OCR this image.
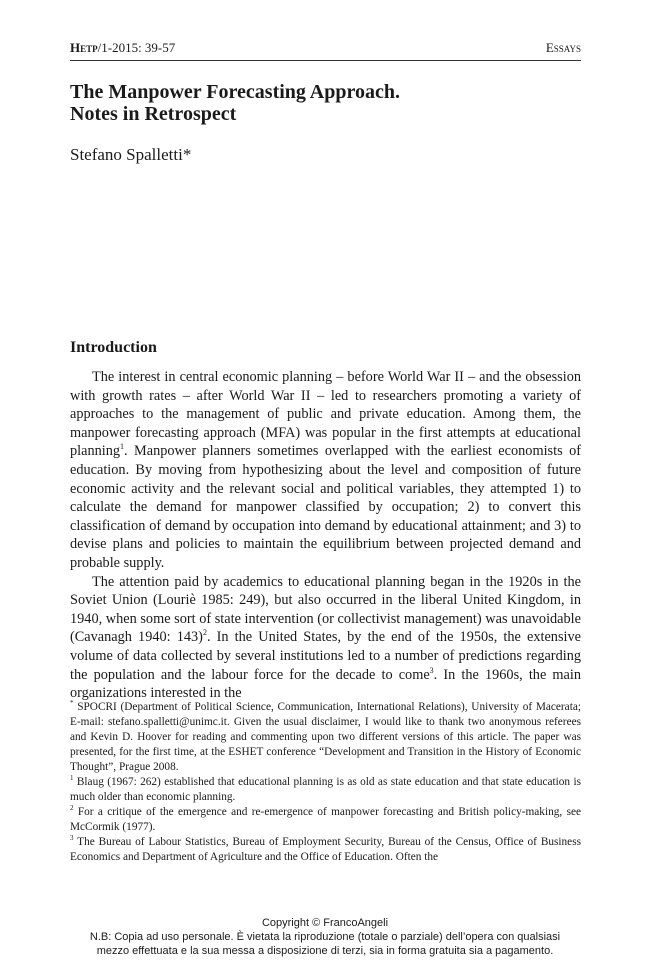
Hetp/1-2015: 39-57	Essays
The Manpower Forecasting Approach.
Notes in Retrospect
Stefano Spalletti*
Introduction

The interest in central economic planning – before World War II – and the obsession with growth rates – after World War II – led to researchers promoting a variety of approaches to the management of public and private education. Among them, the manpower forecasting approach (MFA) was popular in the first attempts at educational planning$^1$. Manpower planners sometimes overlapped with the earliest economists of education. By moving from hypothesizing about the level and composition of future economic activity and the relevant social and political variables, they attempted 1) to calculate the demand for manpower classified by occupation; 2) to convert this classification of demand by occupation into demand by educational attainment; and 3) to devise plans and policies to maintain the equilibrium between projected demand and probable supply.

The attention paid by academics to educational planning began in the 1920s in the Soviet Union (Louriè 1985: 249), but also occurred in the liberal United Kingdom, in 1940, when some sort of state intervention (or collectivist management) was unavoidable (Cavanagh 1940: 143)$^2$. In the United States, by the end of the 1950s, the extensive volume of data collected by several institutions led to a number of predictions regarding the population and the labour force for the decade to come$^3$. In the 1960s, the main organizations interested in the

* SPOCRI (Department of Political Science, Communication, International Relations), University of Macerata; E-mail: stefano.spalletti@unimc.it. Given the usual disclaimer, I would like to thank two anonymous referees and Kevin D. Hoover for reading and commenting upon two different versions of this article. The paper was presented, for the first time, at the ESHET conference “Development and Transition in the History of Economic Thought”, Prague 2008.

$^1$ Blaug (1967: 262) established that educational planning is as old as state education and that state education is much older than economic planning.

$^2$ For a critique of the emergence and re-emergence of manpower forecasting and British policy-making, see McCormik (1977).

$^3$ The Bureau of Labour Statistics, Bureau of Employment Security, Bureau of the Census, Office of Business Economics and Department of Agriculture and the Office of Education. Often the

Copyright © FrancoAngeli
N.B: Copia ad uso personale. È vietata la riproduzione (totale o parziale) dell’opera con qualsiasi
mezzo effettuata e la sua messa a disposizione di terzi, sia in forma gratuita sia a pagamento.
